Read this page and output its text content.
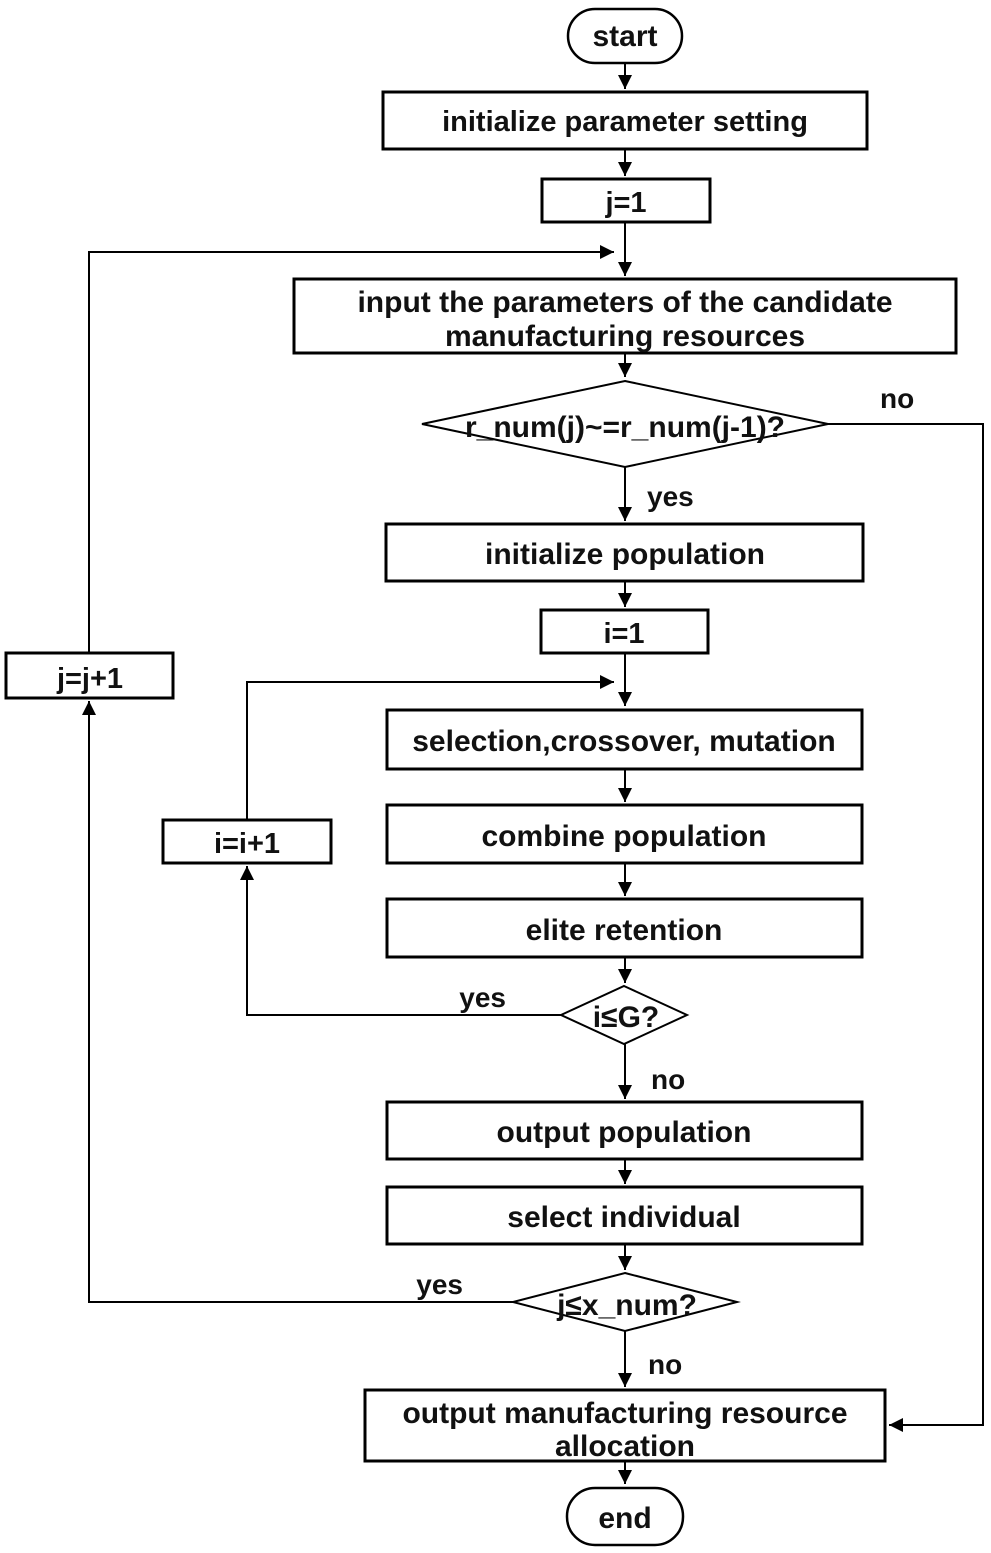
start
initialize parameter setting
j=1
input the parameters of the candidate
manufacturing resources
r_num(j)~=r_num(j-1)?
initialize population
i=1
selection,crossover, mutation
combine population
elite retention
i≤G?
output population
select individual
j≤x_num?
output manufacturing resource
allocation
end
j=j+1
i=i+1
no
yes
yes
no
yes
no
